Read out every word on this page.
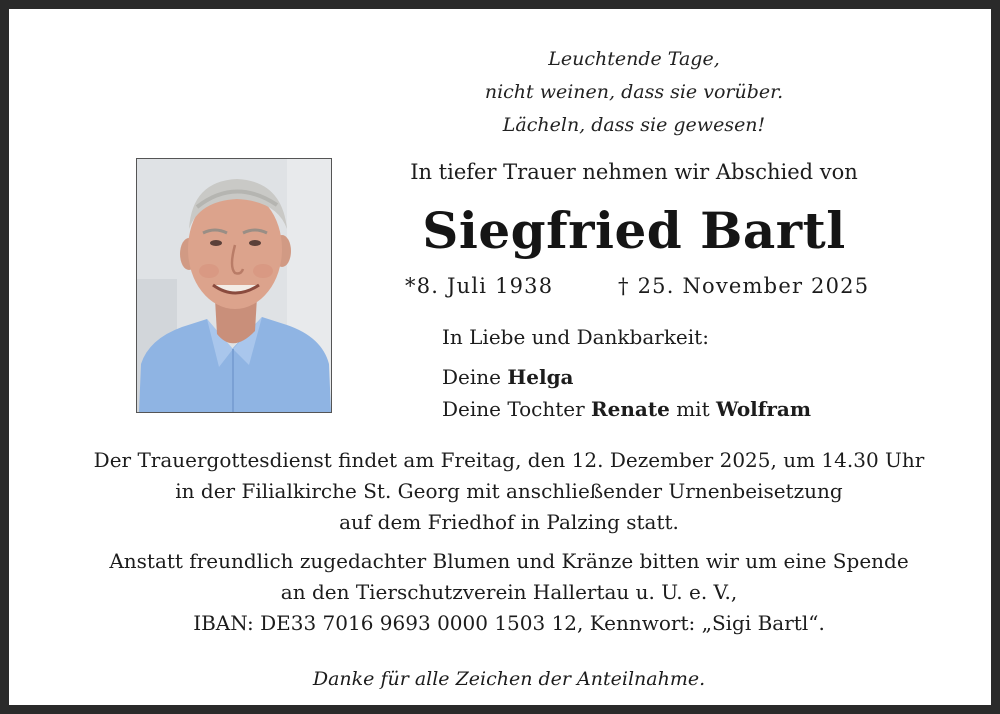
Leuchtende Tage,
nicht weinen, dass sie vorüber.
Lächeln, dass sie gewesen!
In tiefer Trauer nehmen wir Abschied von
Siegfried Bartl
*8. Juli 1938	† 25. November 2025
In Liebe und Dankbarkeit:
Deine Helga
Deine Tochter Renate mit Wolfram
Der Trauergottesdienst findet am Freitag, den 12. Dezember 2025, um 14.30 Uhr
in der Filialkirche St. Georg mit anschließender Urnenbeisetzung
auf dem Friedhof in Palzing statt.
Anstatt freundlich zugedachter Blumen und Kränze bitten wir um eine Spende
an den Tierschutzverein Hallertau u. U. e. V.,
IBAN: DE33 7016 9693 0000 1503 12, Kennwort: „Sigi Bartl“.
Danke für alle Zeichen der Anteilnahme.
